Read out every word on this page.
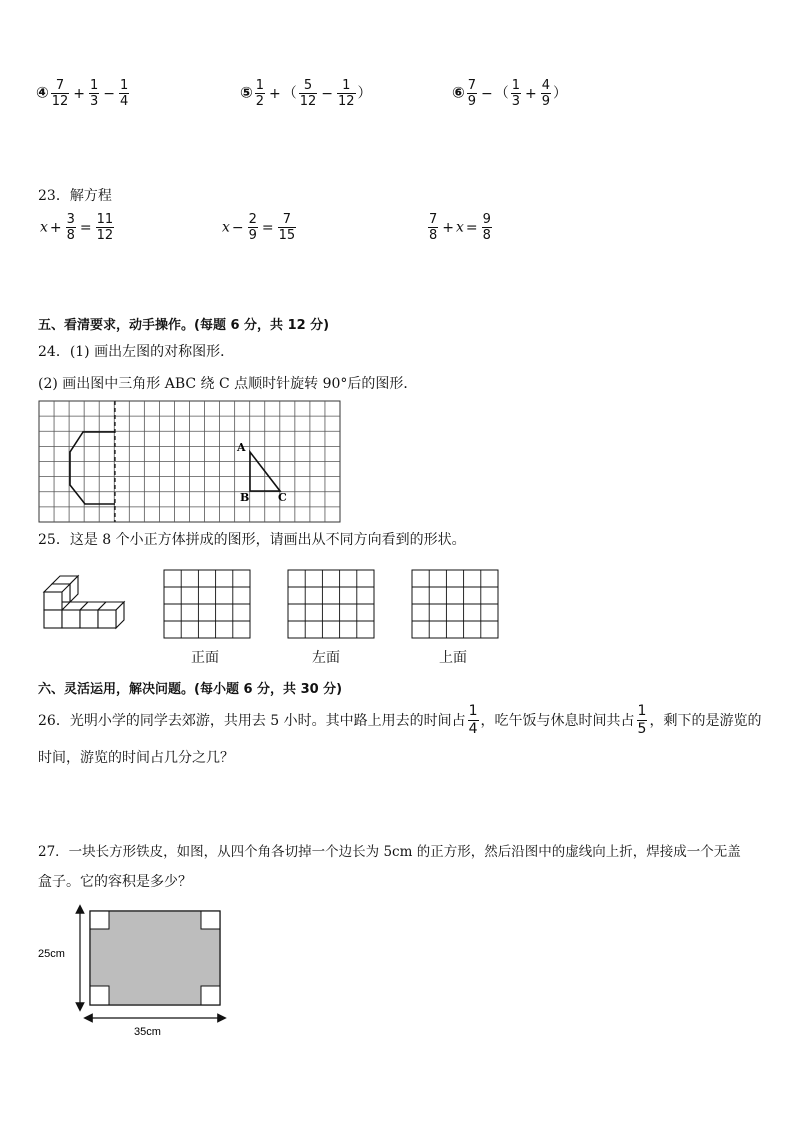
④ $\frac{7}{12} + \frac{1}{3} - \frac{1}{4}$	⑤ $\frac{1}{2}$ + （ $\frac{5}{12} - \frac{1}{12}$ ）	⑥ $\frac{7}{9}$ − （ $\frac{1}{3} + \frac{4}{9}$ ）
23．解方程
$x + \frac{3}{8} = \frac{11}{12}$	$x - \frac{2}{9} = \frac{7}{15}$	$\frac{7}{8} + x = \frac{9}{8}$
五、看清要求，动手操作。(每题 6 分，共 12 分)
24．(1) 画出左图的对称图形．
(2) 画出图中三角形 ABC 绕 C 点顺时针旋转 90°后的图形．
A
B	C
25．这是 8 个小正方体拼成的图形，请画出从不同方向看到的形状。
正面	左面	上面
六、灵活运用，解决问题。(每小题 6 分，共 30 分)
26．光明小学的同学去郊游，共用去 5 小时。其中路上用去的时间占 $\frac{1}{4}$ ，吃午饭与休息时间共占 $\frac{1}{5}$ ，剩下的是游览的
时间，游览的时间占几分之几？
27．一块长方形铁皮，如图，从四个角各切掉一个边长为 5cm 的正方形，然后沿图中的虚线向上折，焊接成一个无盖
盒子。它的容积是多少？
25cm
35cm
